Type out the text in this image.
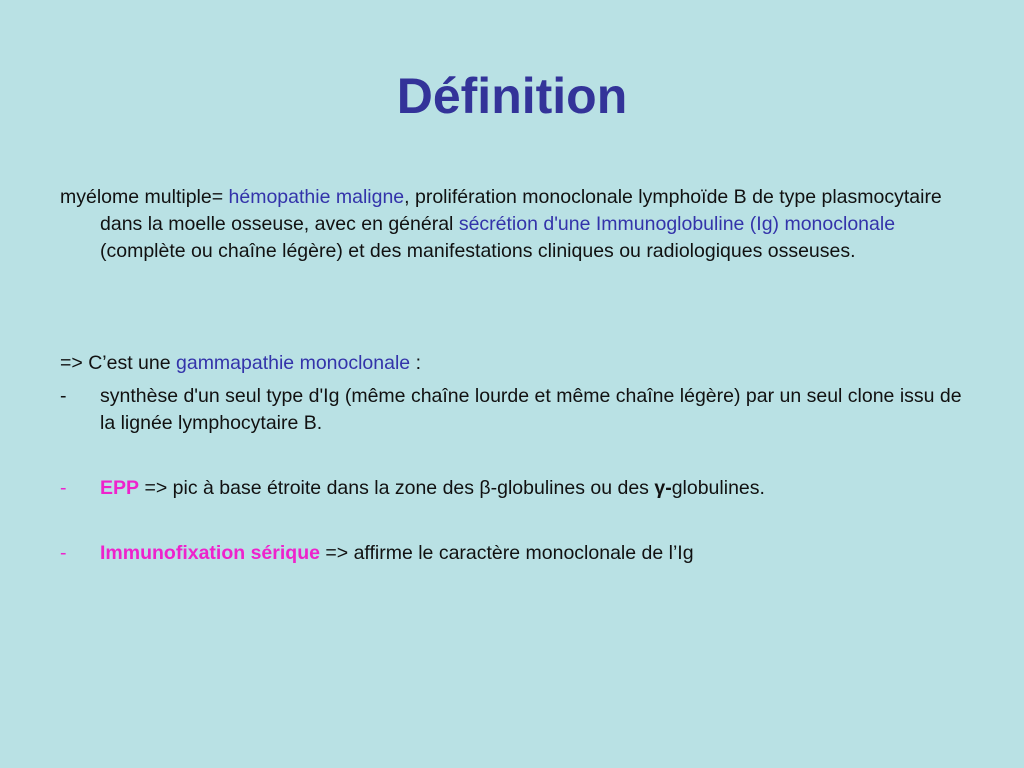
Définition
myélome multiple= hémopathie maligne, prolifération monoclonale lymphoïde B de type plasmocytaire dans la moelle osseuse, avec en général sécrétion d'une Immunoglobuline (Ig) monoclonale (complète ou chaîne légère) et des manifestations cliniques ou radiologiques osseuses.
=> C’est une gammapathie monoclonale :
-	synthèse d'un seul type d'Ig (même chaîne lourde et même chaîne légère) par un seul clone issu de la lignée lymphocytaire B.
-	EPP => pic à base étroite dans la zone des β-globulines ou des γ-globulines.
-	Immunofixation sérique => affirme le caractère monoclonale de l’Ig
